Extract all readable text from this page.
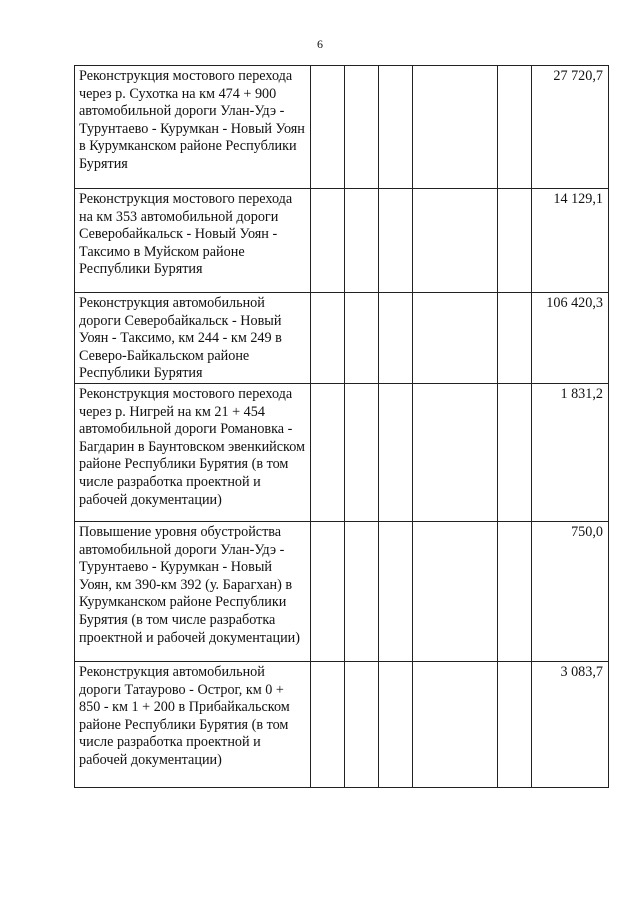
6
Реконструкция мостового перехода через р. Сухотка на км 474 + 900 автомобильной дороги Улан-Удэ - Турунтаево - Курумкан - Новый Уоян в Курумканском районе Республики Бурятия						27 720,7
Реконструкция мостового перехода на км 353 автомобильной дороги Северобайкальск - Новый Уоян - Таксимо в Муйском районе Республики Бурятия						14 129,1
Реконструкция автомобильной дороги Северобайкальск - Новый Уоян - Таксимо, км 244 - км 249 в Северо-Байкальском районе Республики Бурятия						106 420,3
Реконструкция мостового перехода через р. Нигрей на км 21 + 454 автомобильной дороги Романовка - Багдарин в Баунтовском эвенкийском районе Республики Бурятия (в том числе разработка проектной и рабочей документации)						1 831,2
Повышение уровня обустройства автомобильной дороги Улан-Удэ - Турунтаево - Курумкан - Новый Уоян, км 390-км 392 (у. Барагхан) в Курумканском районе Республики Бурятия (в том числе разработка проектной и рабочей документации)						750,0
Реконструкция автомобильной дороги Татаурово - Острог, км 0 + 850 - км 1 + 200 в Прибайкальском районе Республики Бурятия (в том числе разработка проектной и рабочей документации)						3 083,7
